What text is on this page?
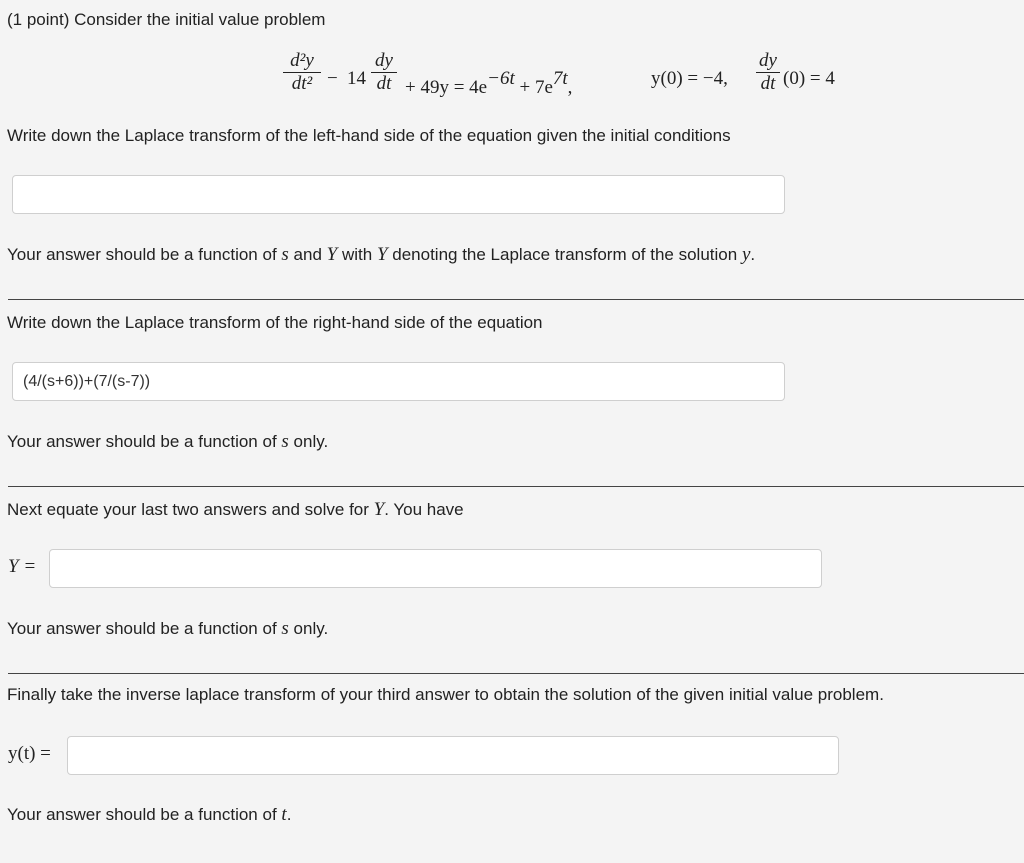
(1 point) Consider the initial value problem
d²y
dt² − 14
dy
dt + $49y = 4e^{-6t} + 7e^{7t}$,	y(0) = −4,
dy
dt (0) = 4
Write down the Laplace transform of the left-hand side of the equation given the initial conditions
Your answer should be a function of s and Y with Y denoting the Laplace transform of the solution y.
Write down the Laplace transform of the right-hand side of the equation
(4/(s+6))+(7/(s-7))
Your answer should be a function of s only.
Next equate your last two answers and solve for Y. You have
Y =
Your answer should be a function of s only.
Finally take the inverse laplace transform of your third answer to obtain the solution of the given initial value problem.
y(t) =
Your answer should be a function of t.
